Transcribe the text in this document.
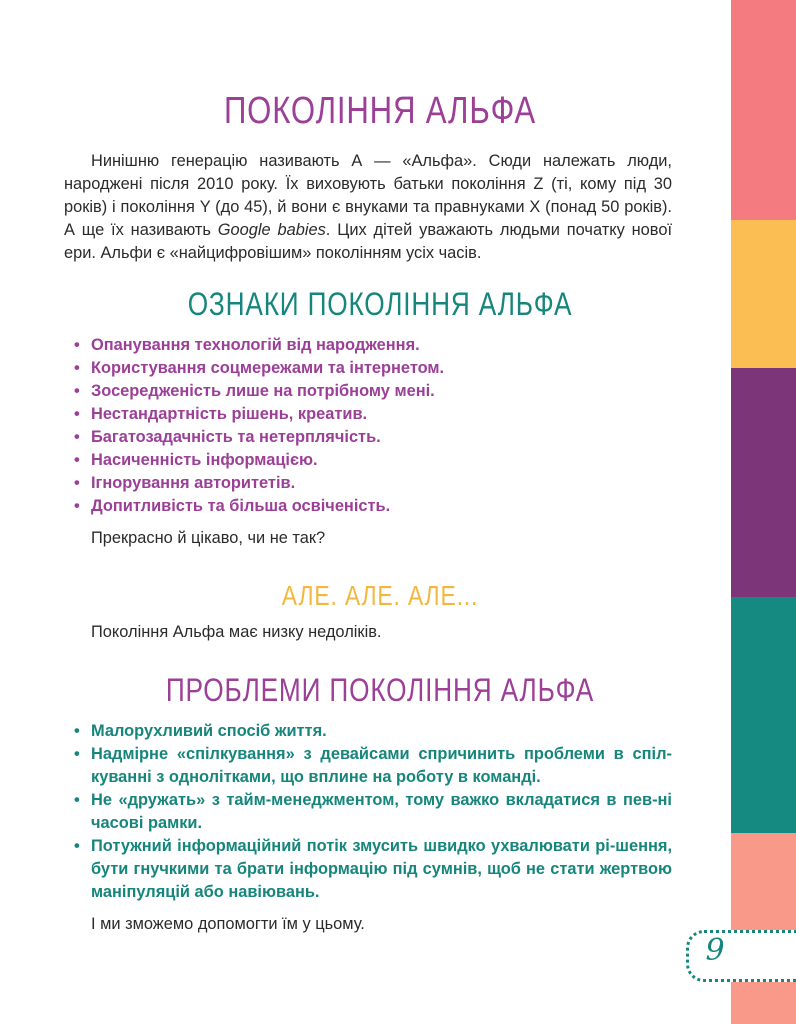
ПОКОЛІННЯ АЛЬФА

Нинішню генерацію називають А — «Альфа». Сюди належать люди, народжені після 2010 року. Їх виховують батьки покоління Z (ті, кому під 30 років) і покоління Y (до 45), й вони є внуками та правнуками X (понад 50 років). А ще їх називають Google babies. Цих дітей уважають людьми початку нової ери. Альфи є «найцифровішим» поколінням усіх часів.

ОЗНАКИ ПОКОЛІННЯ АЛЬФА
• Опанування технологій від народження.
• Користування соцмережами та інтернетом.
• Зосередженість лише на потрібному мені.
• Нестандартність рішень, креатив.
• Багатозадачність та нетерплячість.
• Насиченність інформацією.
• Ігнорування авторитетів.
• Допитливість та більша освіченість.

Прекрасно й цікаво, чи не так?

АЛЕ. АЛЕ. АЛЕ...

Покоління Альфа має низку недоліків.

ПРОБЛЕМИ ПОКОЛІННЯ АЛЬФА
• Малорухливий спосіб життя.
• Надмірне «спілкування» з девайсами спричинить проблеми в спіл-куванні з однолітками, що вплине на роботу в команді.
• Не «дружать» з тайм-менеджментом, тому важко вкладатися в пев-ні часові рамки.
• Потужний інформаційний потік змусить швидко ухвалювати рі-шення, бути гнучкими та брати інформацію під сумнів, щоб не стати жертвою маніпуляцій або навіювань.

І ми зможемо допомогти їм у цьому.

9
